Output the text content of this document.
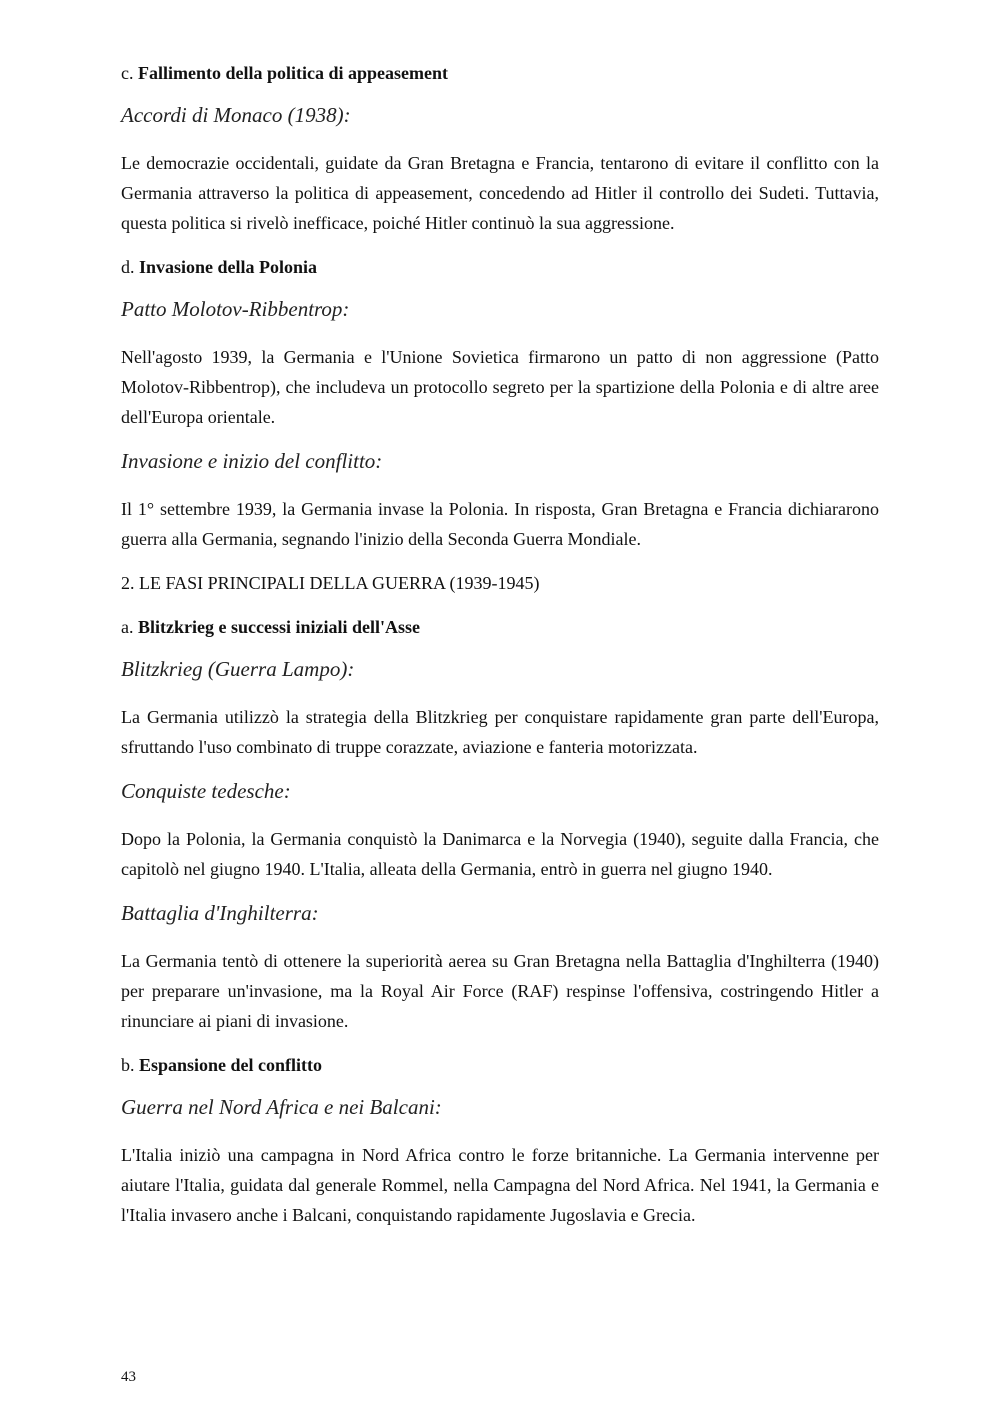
c. Fallimento della politica di appeasement
Accordi di Monaco (1938):

Le democrazie occidentali, guidate da Gran Bretagna e Francia, tentarono di evitare il conflitto con la Germania attraverso la politica di appeasement, concedendo ad Hitler il controllo dei Sudeti. Tuttavia, questa politica si rivelò inefficace, poiché Hitler continuò la sua aggressione.

d. Invasione della Polonia
Patto Molotov-Ribbentrop:

Nell'agosto 1939, la Germania e l'Unione Sovietica firmarono un patto di non aggressione (Patto Molotov-Ribbentrop), che includeva un protocollo segreto per la spartizione della Polonia e di altre aree dell'Europa orientale.

Invasione e inizio del conflitto:

Il 1° settembre 1939, la Germania invase la Polonia. In risposta, Gran Bretagna e Francia dichiararono guerra alla Germania, segnando l'inizio della Seconda Guerra Mondiale.

2. LE FASI PRINCIPALI DELLA GUERRA (1939-1945)
a. Blitzkrieg e successi iniziali dell'Asse
Blitzkrieg (Guerra Lampo):

La Germania utilizzò la strategia della Blitzkrieg per conquistare rapidamente gran parte dell'Europa, sfruttando l'uso combinato di truppe corazzate, aviazione e fanteria motorizzata.

Conquiste tedesche:

Dopo la Polonia, la Germania conquistò la Danimarca e la Norvegia (1940), seguite dalla Francia, che capitolò nel giugno 1940. L'Italia, alleata della Germania, entrò in guerra nel giugno 1940.

Battaglia d'Inghilterra:

La Germania tentò di ottenere la superiorità aerea su Gran Bretagna nella Battaglia d'Inghilterra (1940) per preparare un'invasione, ma la Royal Air Force (RAF) respinse l'offensiva, costringendo Hitler a rinunciare ai piani di invasione.

b. Espansione del conflitto
Guerra nel Nord Africa e nei Balcani:

L'Italia iniziò una campagna in Nord Africa contro le forze britanniche. La Germania intervenne per aiutare l'Italia, guidata dal generale Rommel, nella Campagna del Nord Africa. Nel 1941, la Germania e l'Italia invasero anche i Balcani, conquistando rapidamente Jugoslavia e Grecia.

43
